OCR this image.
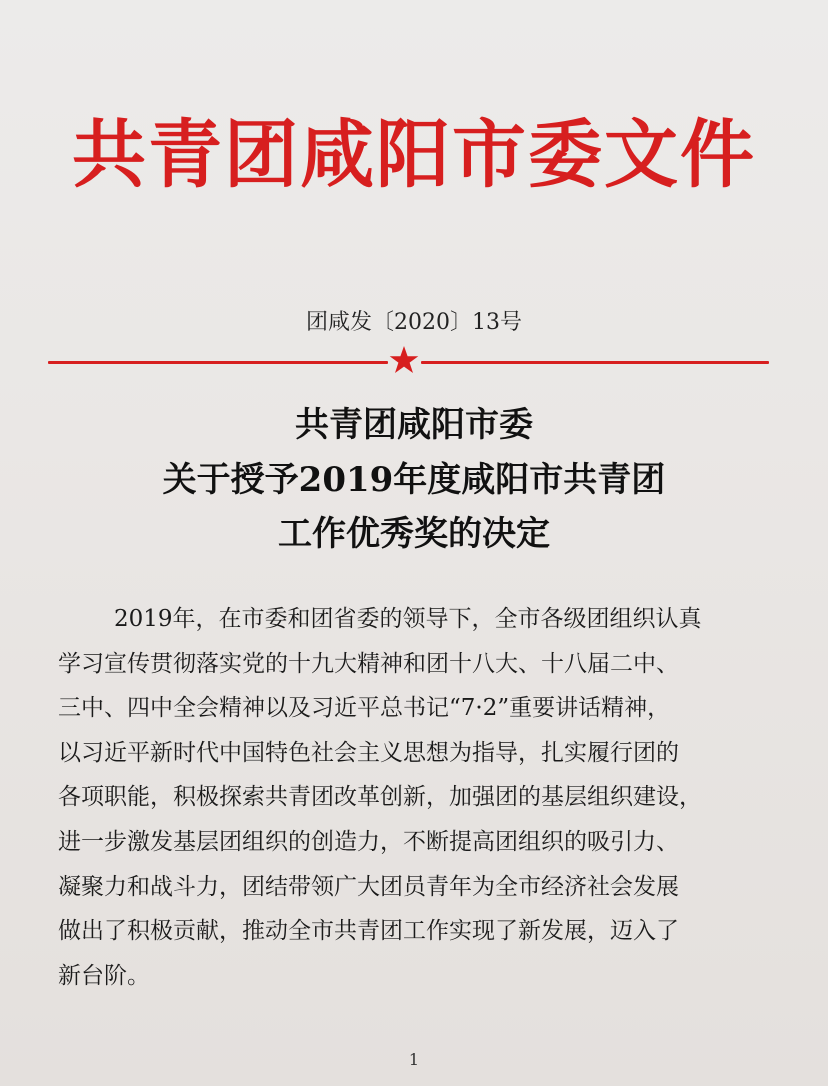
共青团咸阳市委文件
团咸发〔2020〕13号
共青团咸阳市委
关于授予2019年度咸阳市共青团
工作优秀奖的决定
2019年，在市委和团省委的领导下，全市各级团组织认真
学习宣传贯彻落实党的十九大精神和团十八大、十八届二中、
三中、四中全会精神以及习近平总书记“7·2”重要讲话精神，
以习近平新时代中国特色社会主义思想为指导，扎实履行团的
各项职能，积极探索共青团改革创新，加强团的基层组织建设，
进一步激发基层团组织的创造力，不断提高团组织的吸引力、
凝聚力和战斗力，团结带领广大团员青年为全市经济社会发展
做出了积极贡献，推动全市共青团工作实现了新发展，迈入了
新台阶。
1
